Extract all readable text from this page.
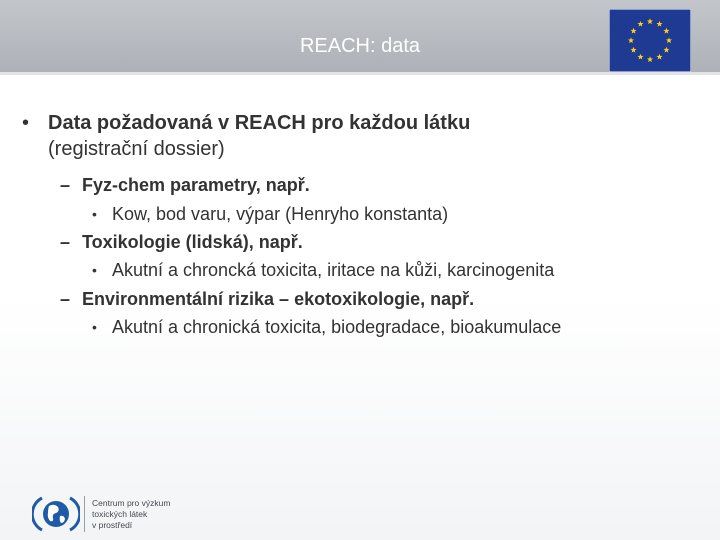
REACH: data
• Data požadovaná v REACH pro každou látku
(registrační dossier)
– Fyz-chem parametry, např.
• Kow, bod varu, výpar (Henryho konstanta)
– Toxikologie (lidská), např.
• Akutní a chroncká toxicita, iritace na kůži, karcinogenita
– Environmentální rizika – ekotoxikologie, např.
• Akutní a chronická toxicita, biodegradace, bioakumulace
Centrum pro výzkum
toxických látek
v prostředí
